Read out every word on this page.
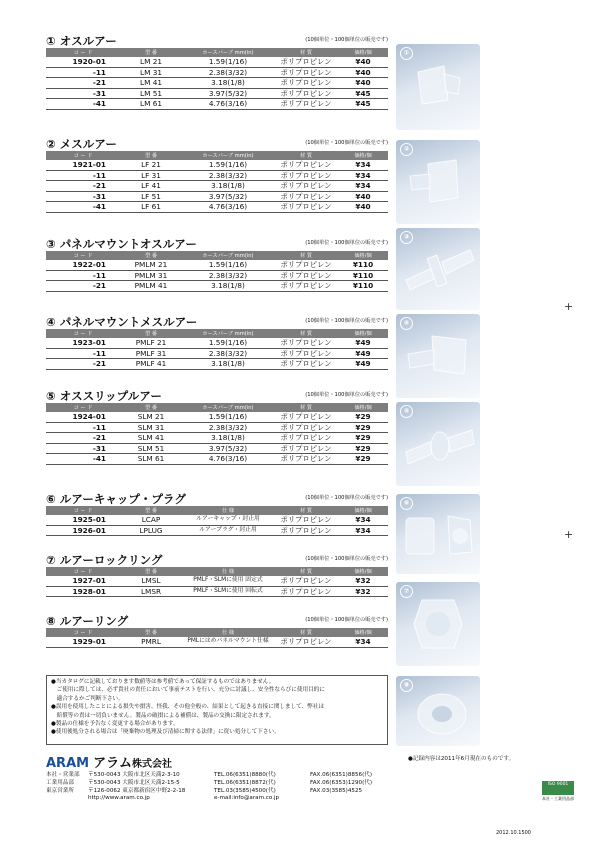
① オスルアー	(10個単位・100個単位の販売です)
コ ー ド	型 番	ホースバーブ mm(in)	材 質	価格/個
1920-01	LM 21	1.59(1/16)	ポリプロピレン	¥40
-11	LM 31	2.38(3/32)	ポリプロピレン	¥40
-21	LM 41	3.18(1/8)	ポリプロピレン	¥40
-31	LM 51	3.97(5/32)	ポリプロピレン	¥45
-41	LM 61	4.76(3/16)	ポリプロピレン	¥45
② メスルアー	(10個単位・100個単位の販売です)
コ ー ド	型 番	ホースバーブ mm(in)	材 質	価格/個
1921-01	LF 21	1.59(1/16)	ポリプロピレン	¥34
-11	LF 31	2.38(3/32)	ポリプロピレン	¥34
-21	LF 41	3.18(1/8)	ポリプロピレン	¥34
-31	LF 51	3.97(5/32)	ポリプロピレン	¥40
-41	LF 61	4.76(3/16)	ポリプロピレン	¥40
③ パネルマウントオスルアー	(10個単位・100個単位の販売です)
コ ー ド	型 番	ホースバーブ mm(in)	材 質	価格/個
1922-01	PMLM 21	1.59(1/16)	ポリプロピレン	¥110
-11	PMLM 31	2.38(3/32)	ポリプロピレン	¥110
-21	PMLM 41	3.18(1/8)	ポリプロピレン	¥110
④ パネルマウントメスルアー	(10個単位・100個単位の販売です)
コ ー ド	型 番	ホースバーブ mm(in)	材 質	価格/個
1923-01	PMLF 21	1.59(1/16)	ポリプロピレン	¥49
-11	PMLF 31	2.38(3/32)	ポリプロピレン	¥49
-21	PMLF 41	3.18(1/8)	ポリプロピレン	¥49
⑤ オススリップルアー	(10個単位・100個単位の販売です)
コ ー ド	型 番	ホースバーブ mm(in)	材 質	価格/個
1924-01	SLM 21	1.59(1/16)	ポリプロピレン	¥29
-11	SLM 31	2.38(3/32)	ポリプロピレン	¥29
-21	SLM 41	3.18(1/8)	ポリプロピレン	¥29
-31	SLM 51	3.97(5/32)	ポリプロピレン	¥29
-41	SLM 61	4.76(3/16)	ポリプロピレン	¥29
⑥ ルアーキャップ・プラグ	(10個単位・100個単位の販売です)
コ ー ド	型 番	仕 様	材 質	価格/個
1925-01	LCAP	ルアーキャップ・封止用	ポリプロピレン	¥34
1926-01	LPLUG	ルアープラグ・封止用	ポリプロピレン	¥34
⑦ ルアーロックリング	(10個単位・100個単位の販売です)
コ ー ド	型 番	仕 様	材 質	価格/個
1927-01	LMSL	PMLF・SLMに使用 固定式	ポリプロピレン	¥32
1928-01	LMSR	PMLF・SLMに使用 回転式	ポリプロピレン	¥32
⑧ ルアーリング	(10個単位・100個単位の販売です)
コ ー ド	型 番	仕 様	材 質	価格/個
1929-01	PMRL	PMLにはめパネルマウント仕様	ポリプロピレン	¥34
①
②
③
④
⑤
⑥
⑦
⑧
+
+
●当カタログに記載しております数値等は参考値であって保証するものではありません。
　ご使用に際しては、必ず貴社の責任において事前テストを行い、充分に討議し、安全性ならびに使用目的に
　適合するかご判断下さい。
●誤用を使用したことによる損失や損害、怪我、その他全般の、結果として起きる直接に関しまして、弊社は
　賠償等の責は一切負いません。製品の破損による補償は、製品の交換に限定されます。
●製品の仕様を予告なく変更する場合があります。
●使用後処分される場合は「廃棄物の処理及び清掃に関する法律」に従い処分して下さい。
●記録内容は2011年6月現在のものです。
ARAM アラム株式会社
本社・営業部 〒530-0043 大阪市北区天満2-3-10	TEL.06(6351)8880(代)	FAX.06(6351)8856(代)
工業用品部	〒530-0043 大阪市北区天満2-15-5	TEL.06(6351)8872(代)	FAX.06(6353)1290(代)
東京営業所	〒126-0062 東京都新宿区中野2-2-18	TEL.03(3585)4500(代)	FAX.03(3585)4525
http://www.aram.co.jp	e-mail:info@aram.co.jp
ISO 9001
本社・工業用品部
2012.10.1500
